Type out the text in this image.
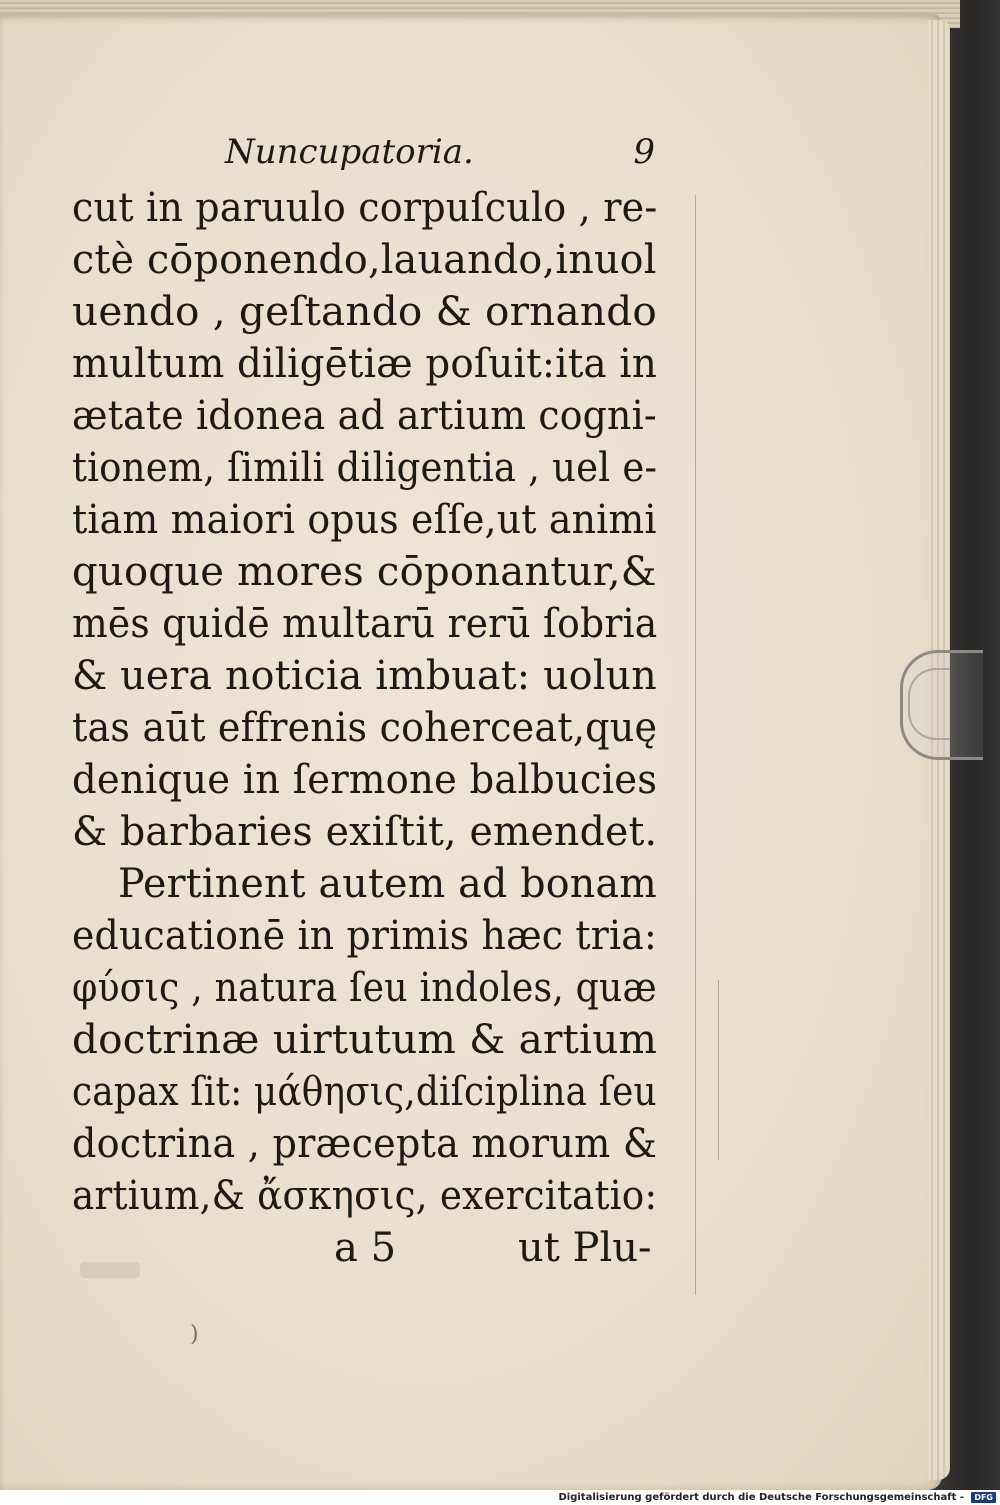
Nuncupatoria.	9
cut in paruulo corpuſculo , re-
ctè cōponendo,lauando,inuol
uendo , geſtando & ornando
multum diligētiæ poſuit:ita in
ætate idonea ad artium cogni-
tionem, ſimili diligentia , uel e-
tiam maiori opus eſſe,ut animi
quoque mores cōponantur,&
mēs quidē multarū rerū ſobria
& uera noticia imbuat: uolun
tas aūt effrenis coherceat,quę
denique in ſermone balbucies
& barbaries exiſtit, emendet.
Pertinent autem ad bonam
educationē in primis hæc tria:
φύσις , natura ſeu indoles, quæ
doctrinæ uirtutum & artium
capax ſit: μάθησις,diſciplina ſeu
doctrina , præcepta morum &
artium,& ἄσκησις, exercitatio:
a 5	ut Plu-
)
Digitalisierung gefördert durch die Deutsche Forschungsgemeinschaft -	DFG
